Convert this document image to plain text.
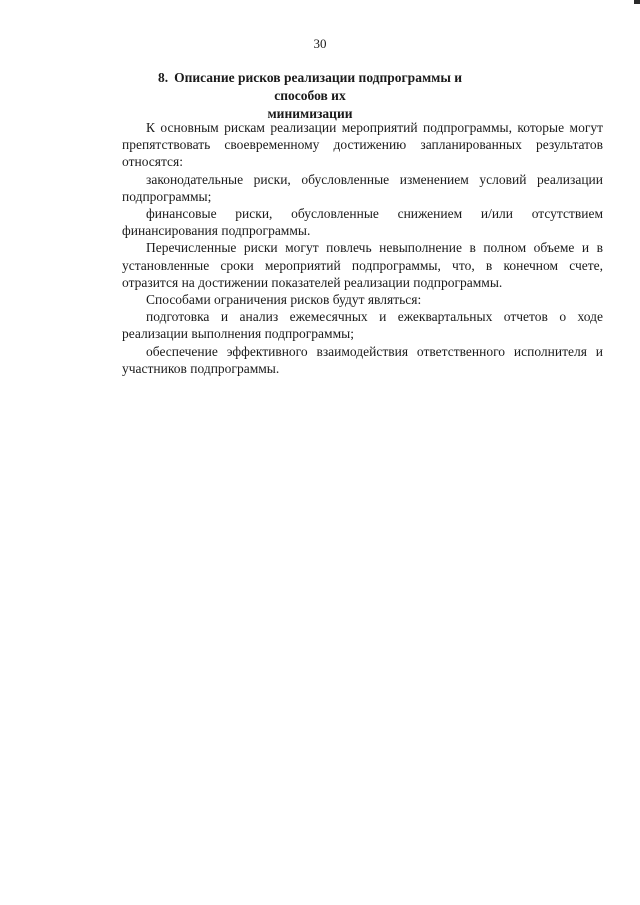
30
8. Описание рисков реализации подпрограммы и способов их
минимизации

К основным рискам реализации мероприятий подпрограммы, которые могут препятствовать своевременному достижению запланированных результатов относятся:

законодательные риски, обусловленные изменением условий реализации подпрограммы;

финансовые риски, обусловленные снижением и/или отсутствием финансирования подпрограммы.

Перечисленные риски могут повлечь невыполнение в полном объеме и в установленные сроки мероприятий подпрограммы, что, в конечном счете, отразится на достижении показателей реализации подпрограммы.

Способами ограничения рисков будут являться:

подготовка и анализ ежемесячных и ежеквартальных отчетов о ходе реализации выполнения подпрограммы;

обеспечение эффективного взаимодействия ответственного исполнителя и участников подпрограммы.
